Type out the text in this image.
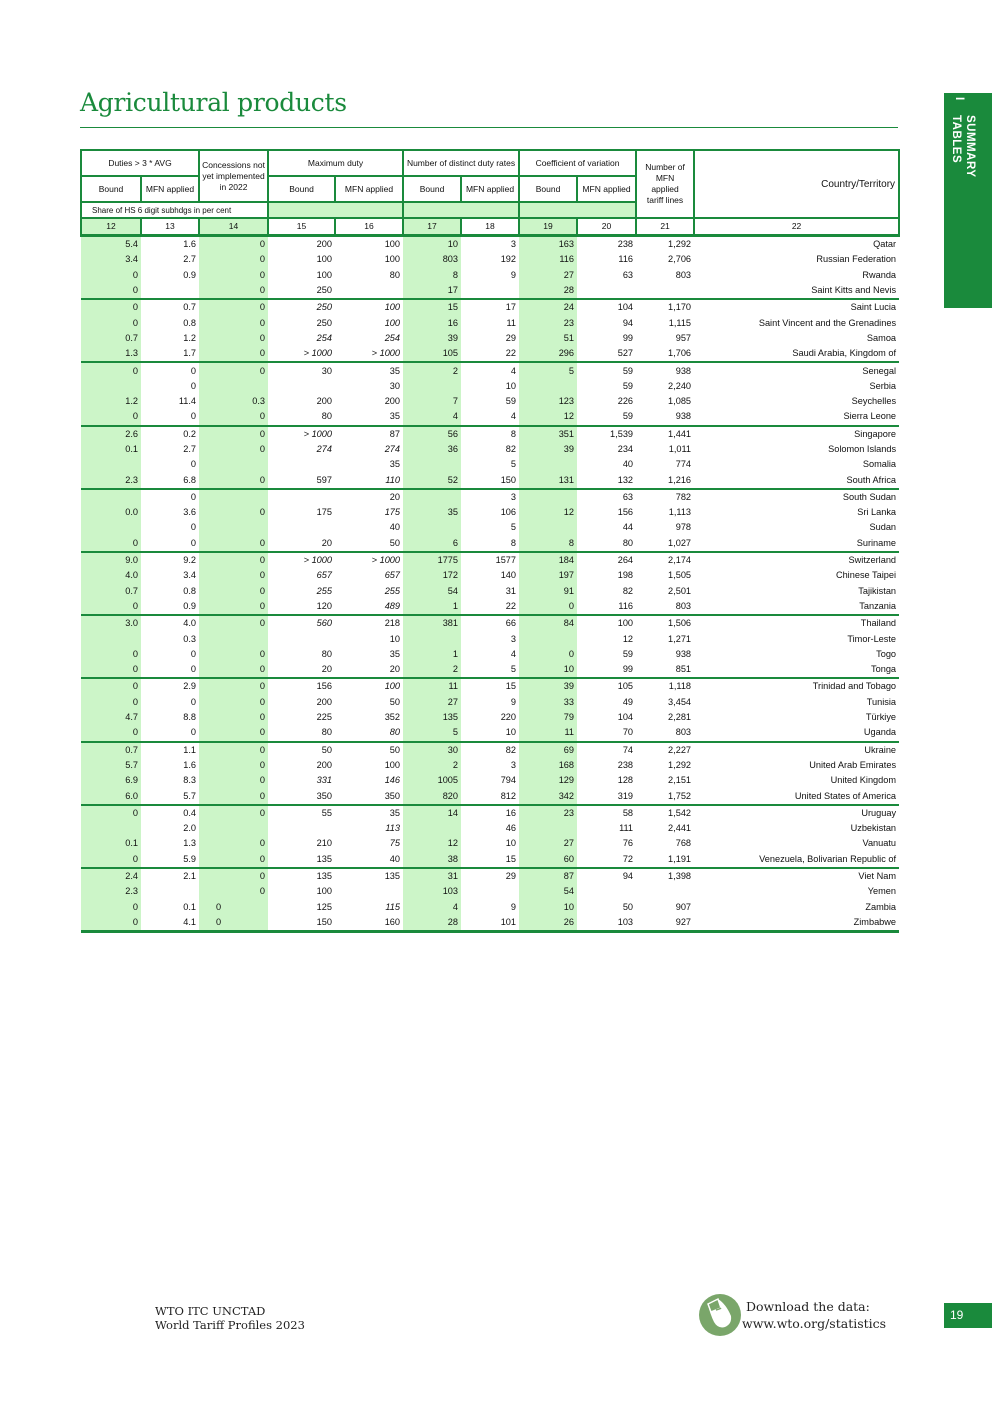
Agricultural products	I
SUMMARY
TABLES
Duties > 3 * AVG		Concessions not yet implemented in 2022	Maximum duty		Number of distinct duty rates		Coefficient of variation		Number of MFN applied tariff lines	Country/Territory
Bound	MFN applied		Bound	MFN applied	Bound	MFN applied	Bound	MFN applied		
Share of HS 6 digit subhdgs in per cent										
12	13	14	15	16	17	18	19	20	21	22
5.4	1.6	0	200	100	10	3	163	238	1,292	Qatar
3.4	2.7	0	100	100	803	192	116	116	2,706	Russian Federation
0	0.9	0	100	80	8	9	27	63	803	Rwanda
0		0	250		17		28			Saint Kitts and Nevis
0	0.7	0	250	100	15	17	24	104	1,170	Saint Lucia
0	0.8	0	250	100	16	11	23	94	1,115	Saint Vincent and the Grenadines
0.7	1.2	0	254	254	39	29	51	99	957	Samoa
1.3	1.7	0	> 1000	> 1000	105	22	296	527	1,706	Saudi Arabia, Kingdom of
0	0	0	30	35	2	4	5	59	938	Senegal
	0			30		10		59	2,240	Serbia
1.2	11.4	0.3	200	200	7	59	123	226	1,085	Seychelles
0	0	0	80	35	4	4	12	59	938	Sierra Leone
2.6	0.2	0	> 1000	87	56	8	351	1,539	1,441	Singapore
0.1	2.7	0	274	274	36	82	39	234	1,011	Solomon Islands
	0			35		5		40	774	Somalia
2.3	6.8	0	597	110	52	150	131	132	1,216	South Africa
	0			20		3		63	782	South Sudan
0.0	3.6	0	175	175	35	106	12	156	1,113	Sri Lanka
	0			40		5		44	978	Sudan
0	0	0	20	50	6	8	8	80	1,027	Suriname
9.0	9.2	0	> 1000	> 1000	1775	1577	184	264	2,174	Switzerland
4.0	3.4	0	657	657	172	140	197	198	1,505	Chinese Taipei
0.7	0.8	0	255	255	54	31	91	82	2,501	Tajikistan
0	0.9	0	120	489	1	22	0	116	803	Tanzania
3.0	4.0	0	560	218	381	66	84	100	1,506	Thailand
	0.3			10		3		12	1,271	Timor-Leste
0	0	0	80	35	1	4	0	59	938	Togo
0	0	0	20	20	2	5	10	99	851	Tonga
0	2.9	0	156	100	11	15	39	105	1,118	Trinidad and Tobago
0	0	0	200	50	27	9	33	49	3,454	Tunisia
4.7	8.8	0	225	352	135	220	79	104	2,281	Türkiye
0	0	0	80	80	5	10	11	70	803	Uganda
0.7	1.1	0	50	50	30	82	69	74	2,227	Ukraine
5.7	1.6	0	200	100	2	3	168	238	1,292	United Arab Emirates
6.9	8.3	0	331	146	1005	794	129	128	2,151	United Kingdom
6.0	5.7	0	350	350	820	812	342	319	1,752	United States of America
0	0.4	0	55	35	14	16	23	58	1,542	Uruguay
	2.0			113		46		111	2,441	Uzbekistan
0.1	1.3	0	210	75	12	10	27	76	768	Vanuatu
0	5.9	0	135	40	38	15	60	72	1,191	Venezuela, Bolivarian Republic of
2.4	2.1	0	135	135	31	29	87	94	1,398	Viet Nam
2.3		0	100		103		54			Yemen
0	0.1	0	125	115	4	9	10	50	907	Zambia
0	4.1	0	150	160	28	101	26	103	927	Zimbabwe
WTO ITC UNCTAD
World Tariff Profiles 2023
Download the data:
www.wto.org/statistics
19
